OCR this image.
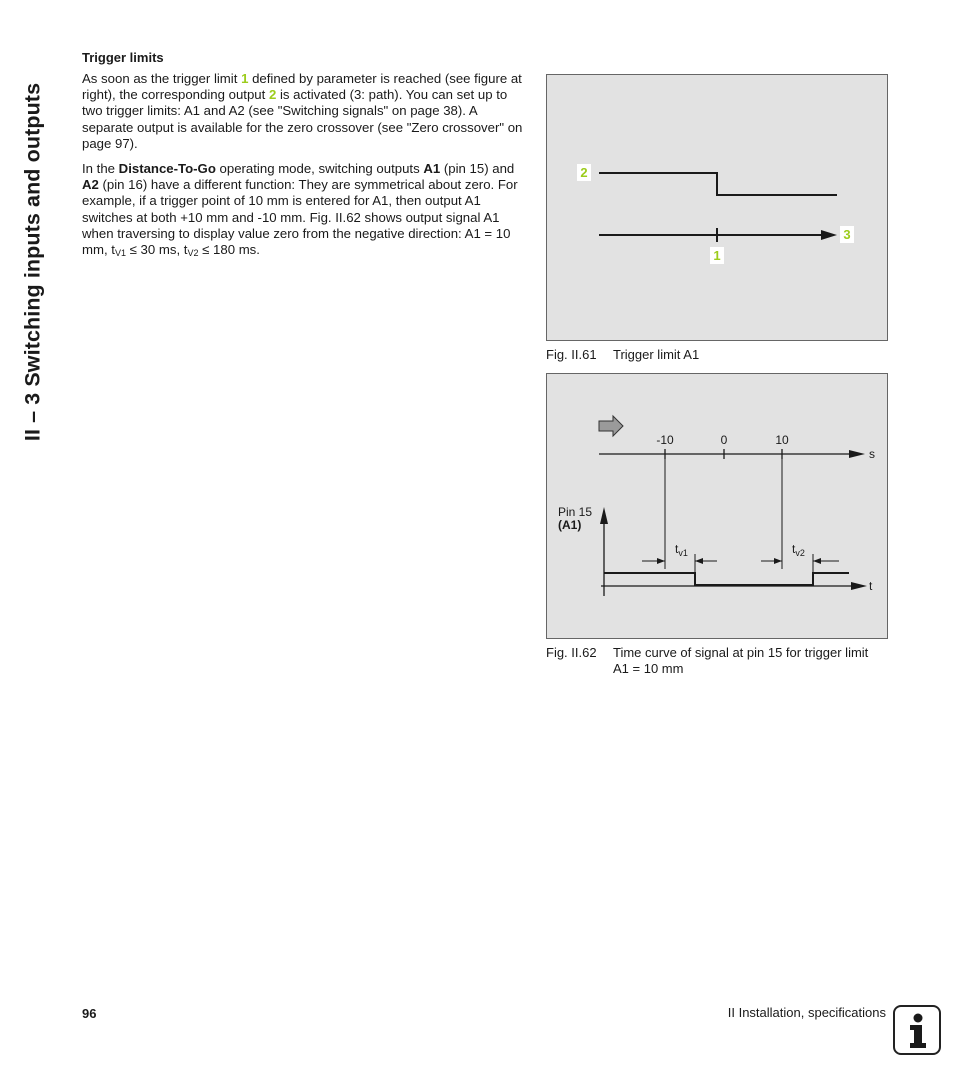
II – 3 Switching inputs and outputs
Trigger limits

As soon as the trigger limit 1 defined by parameter is reached (see figure at right), the corresponding output 2 is activated (3: path). You can set up to two trigger limits: A1 and A2 (see "Switching signals" on page 38). A separate output is available for the zero crossover (see "Zero crossover" on page 97).

In the Distance-To-Go operating mode, switching outputs A1 (pin 15) and A2 (pin 16) have a different function: They are symmetrical about zero. For example, if a trigger point of 10 mm is entered for A1, then output A1 switches at both +10 mm and -10 mm. Fig. II.62 shows output signal A1 when traversing to display value zero from the negative direction: A1 = 10 mm, $t_{V1} \le 30$ ms, $t_{V2} \le 180$ ms.

2
3
1
Fig. II.61 Trigger limit A1
s
-10	0	10
Pin 15
(A1)
t
$t_{v1}$	$t_{v2}$
Fig. II.62 Time curve of signal at pin 15 for trigger limit A1 = 10 mm
96	II Installation, specifications
